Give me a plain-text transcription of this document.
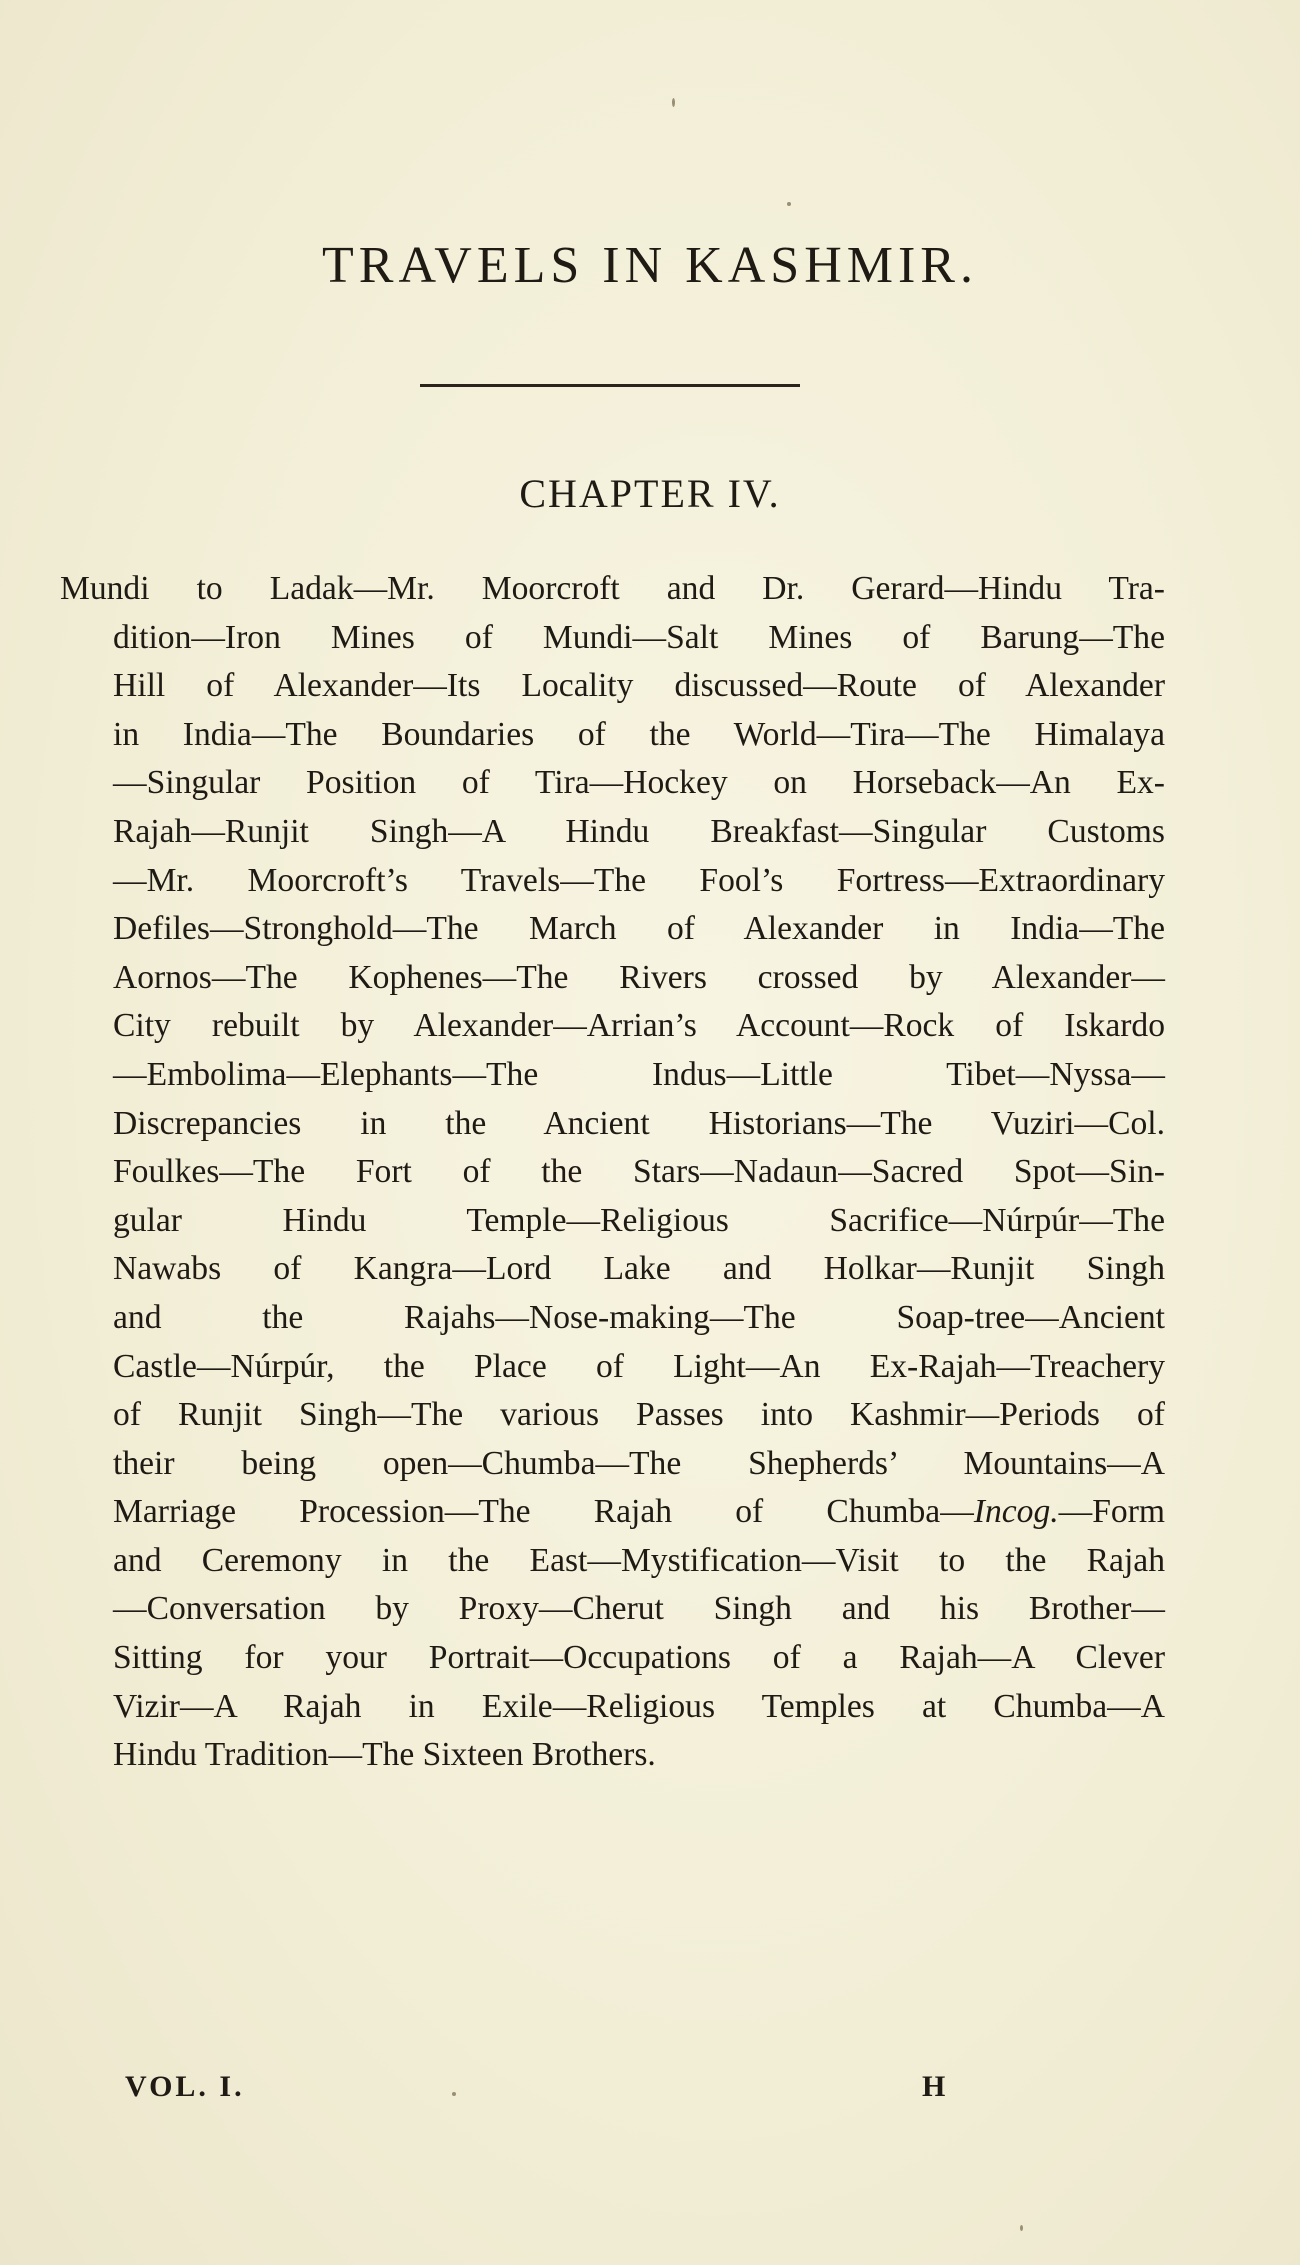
TRAVELS IN KASHMIR.
CHAPTER IV.
Mundi to Ladak—Mr. Moorcroft and Dr. Gerard—Hindu Tra-
dition—Iron Mines of Mundi—Salt Mines of Barung—The
Hill of Alexander—Its Locality discussed—Route of Alexander
in India—The Boundaries of the World—Tira—The Himalaya
—Singular Position of Tira—Hockey on Horseback—An Ex-
Rajah—Runjit Singh—A Hindu Breakfast—Singular Customs
—Mr. Moorcroft’s Travels—The Fool’s Fortress—Extraordinary
Defiles—Stronghold—The March of Alexander in India—The
Aornos—The Kophenes—The Rivers crossed by Alexander—
City rebuilt by Alexander—Arrian’s Account—Rock of Iskardo
—Embolima—Elephants—The Indus—Little Tibet—Nyssa—
Discrepancies in the Ancient Historians—The Vuziri—Col.
Foulkes—The Fort of the Stars—Nadaun—Sacred Spot—Sin-
gular Hindu Temple—Religious Sacrifice—Núrpúr—The
Nawabs of Kangra—Lord Lake and Holkar—Runjit Singh
and the Rajahs—Nose-making—The Soap-tree—Ancient
Castle—Núrpúr, the Place of Light—An Ex-Rajah—Treachery
of Runjit Singh—The various Passes into Kashmir—Periods of
their being open—Chumba—The Shepherds’ Mountains—A
Marriage Procession—The Rajah of Chumba—Incog.—Form
and Ceremony in the East—Mystification—Visit to the Rajah
—Conversation by Proxy—Cherut Singh and his Brother—
Sitting for your Portrait—Occupations of a Rajah—A Clever
Vizir—A Rajah in Exile—Religious Temples at Chumba—A
Hindu Tradition—The Sixteen Brothers.
VOL. I.	H
